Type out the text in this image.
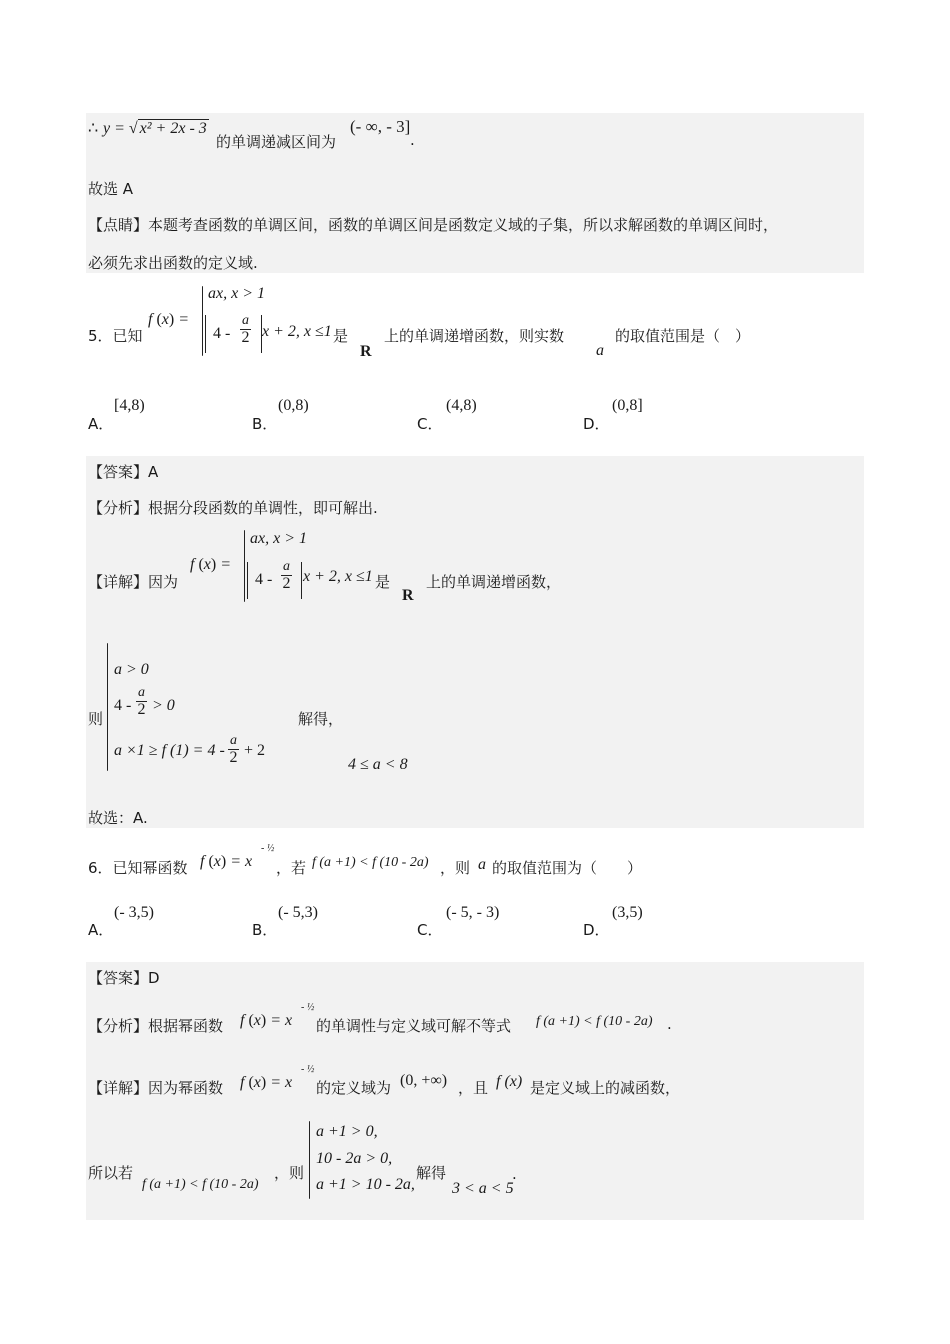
∴ y = √ x² + 2x - 3
的单调递减区间为
(- ∞, - 3]
.
故选 A
【点睛】本题考查函数的单调区间，函数的单调区间是函数定义域的子集，所以求解函数的单调区间时，
必须先求出函数的定义域.
5．已知
f (x) =
ax, x > 1
$4 - \frac{a}{2}$ x + 2, x ≤1 是
R
上的单调递增函数，则实数
a
的取值范围是（　）
A．
[4,8)
B．
(0,8)
C．
(4,8)
D．
(0,8]
【答案】A
【分析】根据分段函数的单调性，即可解出.
【详解】因为
f (x) =
ax, x > 1
$4 - \frac{a}{2}$ x + 2, x ≤1 是
R
上的单调递增函数，
则
a > 0
$4 - \frac{a}{2} > 0$
a ×1 ≥ f $(1) = 4 - \frac{a}{2} + 2$
解得，
4 ≤ a < 8
故选：A.
6．已知幂函数 f (x) = x
- ½
，若 f (a +1) < f (10 - 2a) ，则 a 的取值范围为（　　）
A．
(- 3,5)
B．
(- 5,3)
C．
(- 5, - 3)
D．
(3,5)
【答案】D
【分析】根据幂函数 f (x) = x
- ½
的单调性与定义域可解不等式 f (a +1) < f (10 - 2a) .
【详解】因为幂函数 f (x) = x
- ½
的定义域为 (0, +∞) ，且 f (x) 是定义域上的减函数，
所以若
f (a +1) < f (10 - 2a)
，则
a +1 > 0,
10 - 2a > 0,
a +1 > 10 - 2a,
解得
3 < a < 5
.
